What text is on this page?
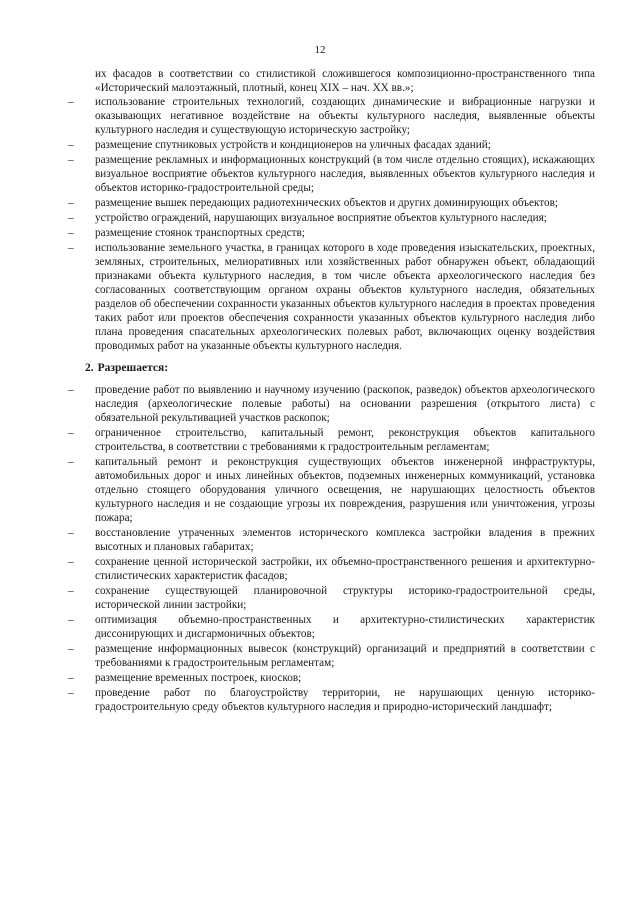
12

их фасадов в соответствии со стилистикой сложившегося композиционно-пространственного типа «Исторический малоэтажный, плотный, конец XIX – нач. XX вв.»;

– использование строительных технологий, создающих динамические и вибрационные нагрузки и оказывающих негативное воздействие на объекты культурного наследия, выявленные объекты культурного наследия и существующую историческую застройку;

– размещение спутниковых устройств и кондиционеров на уличных фасадах зданий;

– размещение рекламных и информационных конструкций (в том числе отдельно стоящих), искажающих визуальное восприятие объектов культурного наследия, выявленных объектов культурного наследия и объектов историко-градостроительной среды;

– размещение вышек передающих радиотехнических объектов и других доминирующих объектов;

– устройство ограждений, нарушающих визуальное восприятие объектов культурного наследия;

– размещение стоянок транспортных средств;

– использование земельного участка, в границах которого в ходе проведения изыскательских, проектных, земляных, строительных, мелиоративных или хозяйственных работ обнаружен объект, обладающий признаками объекта культурного наследия, в том числе объекта археологического наследия без согласованных соответствующим органом охраны объектов культурного наследия, обязательных разделов об обеспечении сохранности указанных объектов культурного наследия в проектах проведения таких работ или проектов обеспечения сохранности указанных объектов культурного наследия либо плана проведения спасательных археологических полевых работ, включающих оценку воздействия проводимых работ на указанные объекты культурного наследия.

2. Разрешается:

– проведение работ по выявлению и научному изучению (раскопок, разведок) объектов археологического наследия (археологические полевые работы) на основании разрешения (открытого листа) с обязательной рекультивацией участков раскопок;

– ограниченное строительство, капитальный ремонт, реконструкция объектов капитального строительства, в соответствии с требованиями к градостроительным регламентам;

– капитальный ремонт и реконструкция существующих объектов инженерной инфраструктуры, автомобильных дорог и иных линейных объектов, подземных инженерных коммуникаций, установка отдельно стоящего оборудования уличного освещения, не нарушающих целостность объектов культурного наследия и не создающие угрозы их повреждения, разрушения или уничтожения, угрозы пожара;

– восстановление утраченных элементов исторического комплекса застройки владения в прежних высотных и плановых габаритах;

– сохранение ценной исторической застройки, их объемно-пространственного решения и архитектурно-стилистических характеристик фасадов;

– сохранение существующей планировочной структуры историко-градостроительной среды, исторической линии застройки;

– оптимизация объемно-пространственных и архитектурно-стилистических характеристик диссонирующих и дисгармоничных объектов;

– размещение информационных вывесок (конструкций) организаций и предприятий в соответствии с требованиями к градостроительным регламентам;

– размещение временных построек, киосков;

– проведение работ по благоустройству территории, не нарушающих ценную историко-градостроительную среду объектов культурного наследия и природно-исторический ландшафт;
